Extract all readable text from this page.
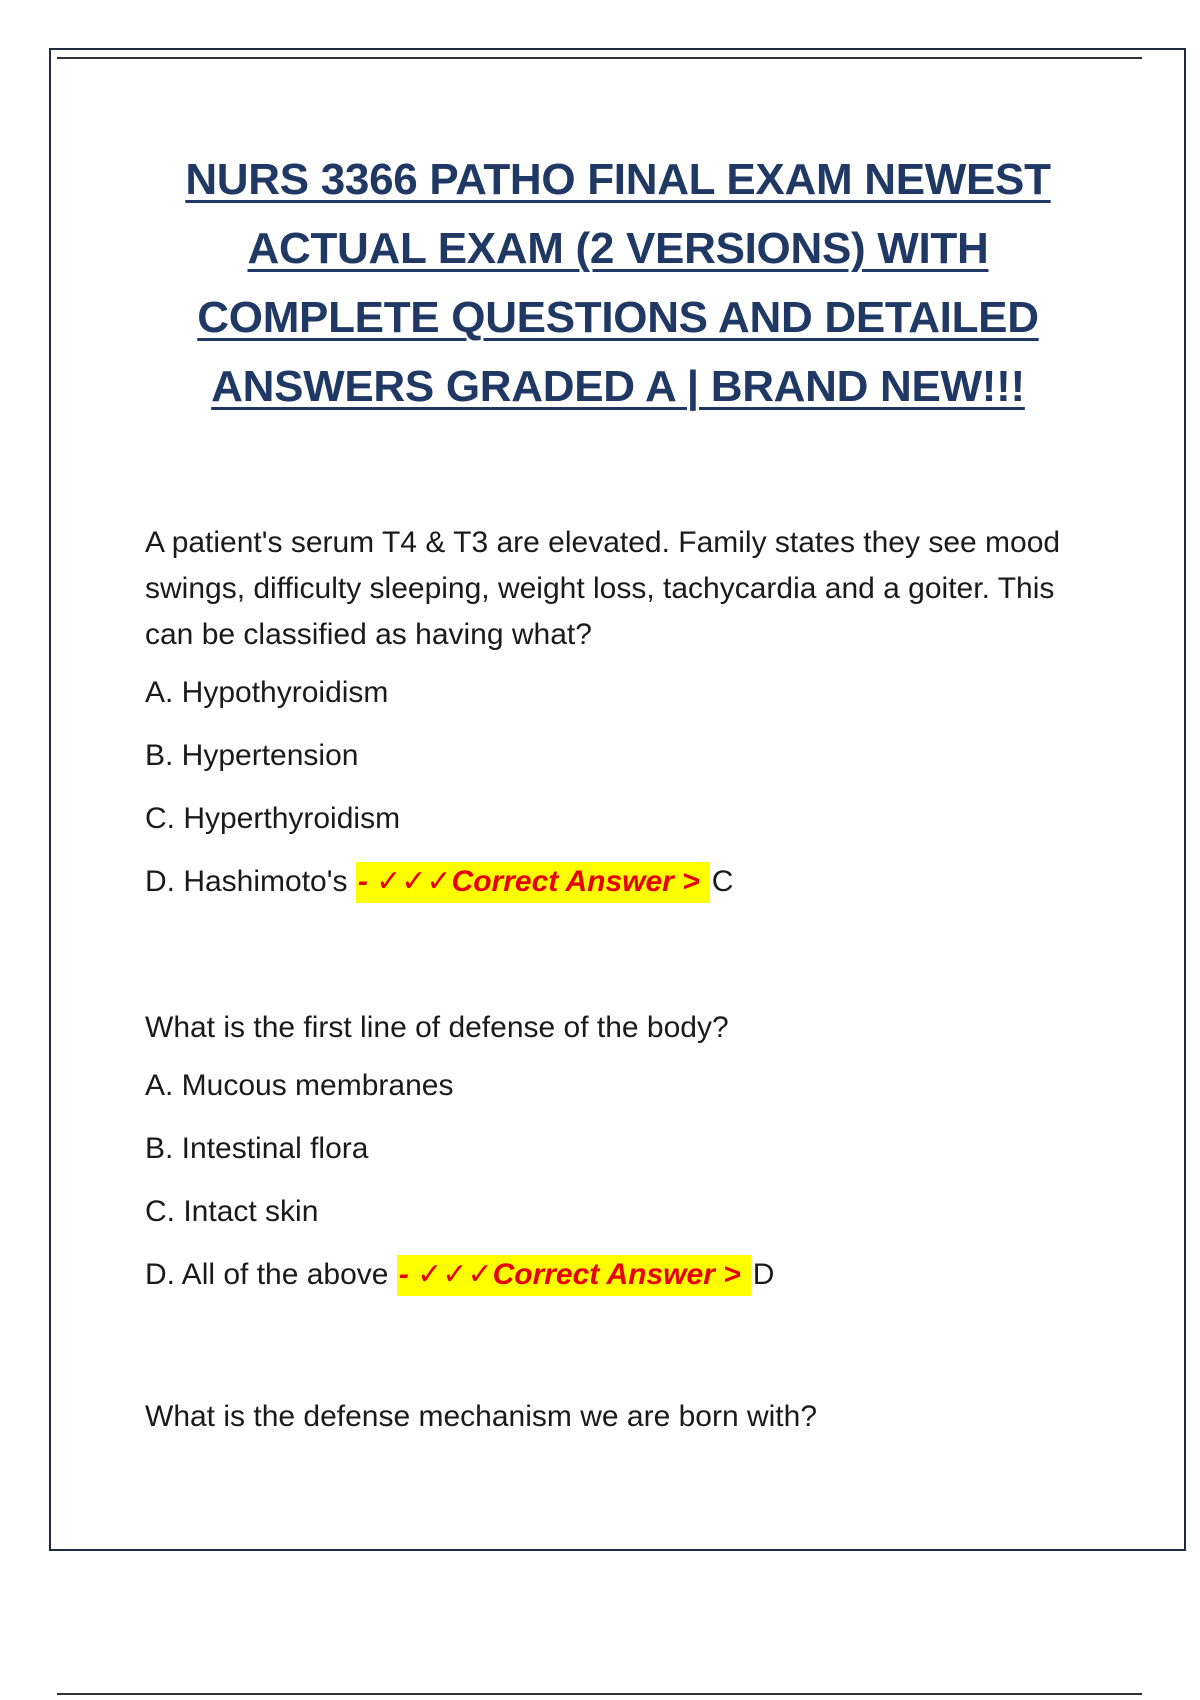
NURS 3366 PATHO FINAL EXAM NEWEST
ACTUAL EXAM (2 VERSIONS) WITH
COMPLETE QUESTIONS AND DETAILED
ANSWERS GRADED A | BRAND NEW!!!

A patient's serum T4 & T3 are elevated. Family states they see mood swings, difficulty sleeping, weight loss, tachycardia and a goiter. This can be classified as having what?

A. Hypothyroidism

B. Hypertension

C. Hyperthyroidism

D. Hashimoto's - ✓✓✓Correct Answer > C

What is the first line of defense of the body?

A. Mucous membranes

B. Intestinal flora

C. Intact skin

D. All of the above - ✓✓✓Correct Answer > D

What is the defense mechanism we are born with?
